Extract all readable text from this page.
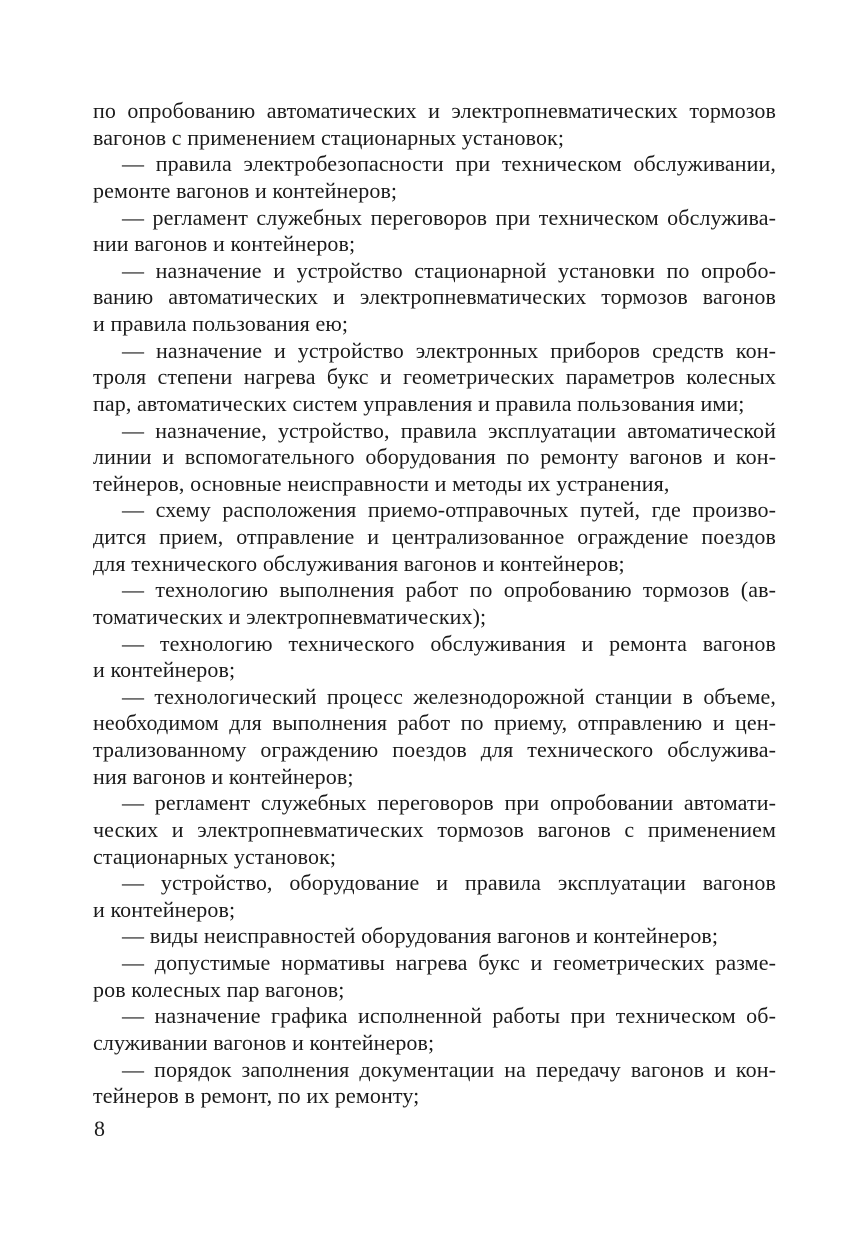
по опробованию автоматических и электропневматических тормозов
вагонов с применением стационарных установок;

— правила электробезопасности при техническом обслуживании,
ремонте вагонов и контейнеров;

— регламент служебных переговоров при техническом обслужива-
нии вагонов и контейнеров;

— назначение и устройство стационарной установки по опробо-
ванию автоматических и электропневматических тормозов вагонов
и правила пользования ею;

— назначение и устройство электронных приборов средств кон-
троля степени нагрева букс и геометрических параметров колесных
пар, автоматических систем управления и правила пользования ими;

— назначение, устройство, правила эксплуатации автоматической
линии и вспомогательного оборудования по ремонту вагонов и кон-
тейнеров, основные неисправности и методы их устранения,

— схему расположения приемо-отправочных путей, где произво-
дится прием, отправление и централизованное ограждение поездов
для технического обслуживания вагонов и контейнеров;

— технологию выполнения работ по опробованию тормозов (ав-
томатических и электропневматических);

— технологию технического обслуживания и ремонта вагонов
и контейнеров;

— технологический процесс железнодорожной станции в объеме,
необходимом для выполнения работ по приему, отправлению и цен-
трализованному ограждению поездов для технического обслужива-
ния вагонов и контейнеров;

— регламент служебных переговоров при опробовании автомати-
ческих и электропневматических тормозов вагонов с применением
стационарных установок;

— устройство, оборудование и правила эксплуатации вагонов
и контейнеров;

— виды неисправностей оборудования вагонов и контейнеров;

— допустимые нормативы нагрева букс и геометрических разме-
ров колесных пар вагонов;

— назначение графика исполненной работы при техническом об-
служивании вагонов и контейнеров;

— порядок заполнения документации на передачу вагонов и кон-
тейнеров в ремонт, по их ремонту;

8
